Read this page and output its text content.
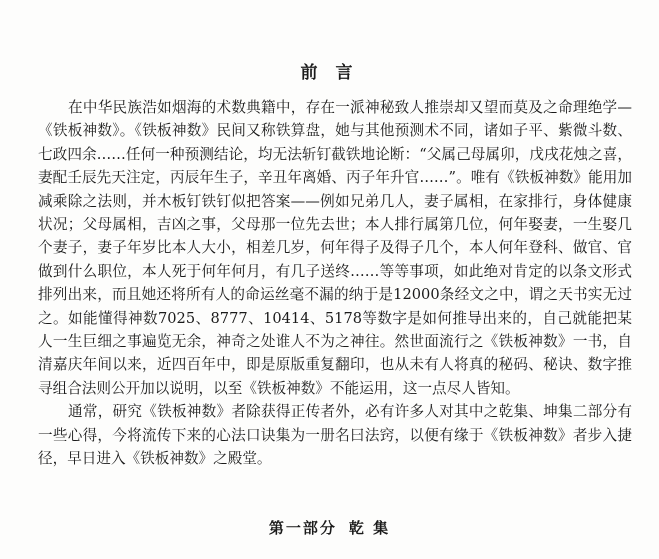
前 言

在中华民族浩如烟海的术数典籍中，存在一派神秘致人推崇却又望而莫及之命理绝学—《铁板神数》。《铁板神数》民间又称铁算盘，她与其他预测术不同，诸如子平、紫微斗数、七政四余……任何一种预测结论，均无法斩钉截铁地论断：“父属己母属卯，戊戌花烛之喜，妻配壬辰先天注定，丙辰年生子，辛丑年离婚、丙子年升官……”。唯有《铁板神数》能用加减乘除之法则，并木板钉铁钉似把答案——例如兄弟几人，妻子属相，在家排行，身体健康状况；父母属相，吉凶之事，父母那一位先去世；本人排行属第几位，何年娶妻，一生娶几个妻子，妻子年岁比本人大小，相差几岁，何年得子及得子几个，本人何年登科、做官、官做到什么职位，本人死于何年何月，有几子送终……等等事项，如此绝对肯定的以条文形式排列出来，而且她还将所有人的命运丝毫不漏的纳于是12000条经文之中，谓之天书实无过之。如能懂得神数7025、8777、10414、5178等数字是如何推导出来的，自己就能把某人一生巨细之事遍览无余，神奇之处谁人不为之神往。然世面流行之《铁板神数》一书，自清嘉庆年间以来，近四百年中，即是原版重复翻印，也从未有人将真的秘码、秘诀、数字推寻组合法则公开加以说明，以至《铁板神数》不能运用，这一点尽人皆知。

通常，研究《铁板神数》者除获得正传者外，必有许多人对其中之乾集、坤集二部分有一些心得，今将流传下来的心法口诀集为一册名曰法窍，以便有缘于《铁板神数》者步入捷径，早日进入《铁板神数》之殿堂。

第一部分 乾 集
